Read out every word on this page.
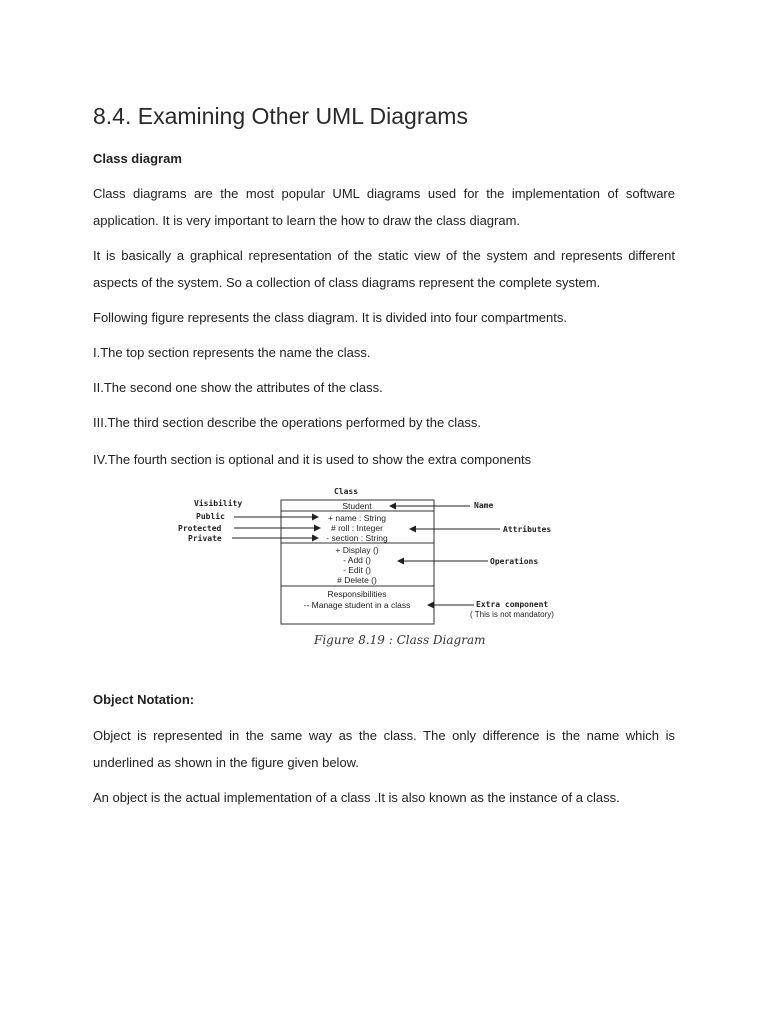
8.4. Examining Other UML Diagrams

Class diagram

Class diagrams are the most popular UML diagrams used for the implementation of software application. It is very important to learn the how to draw the class diagram.

It is basically a graphical representation of the static view of the system and represents different aspects of the system. So a collection of class diagrams represent the complete system.

Following figure represents the class diagram. It is divided into four compartments.

I.The top section represents the name the class.

II.The second one show the attributes of the class.

III.The third section describe the operations performed by the class.

IV.The fourth section is optional and it is used to show the extra components

Object Notation:

Object is represented in the same way as the class. The only difference is the name which is underlined as shown in the figure given below.

An object is the actual implementation of a class .It is also known as the instance of a class.

Class
Student
+ name : String
# roll : Integer
- section : String
+ Display ()
- Add ()
- Edit ()
# Delete ()
Responsibilities
-- Manage student in a class
Visibility
Public
Protected
Private
Name
Attributes
Operations
Extra component
( This is not mandatory)
Figure 8.19 : Class Diagram
